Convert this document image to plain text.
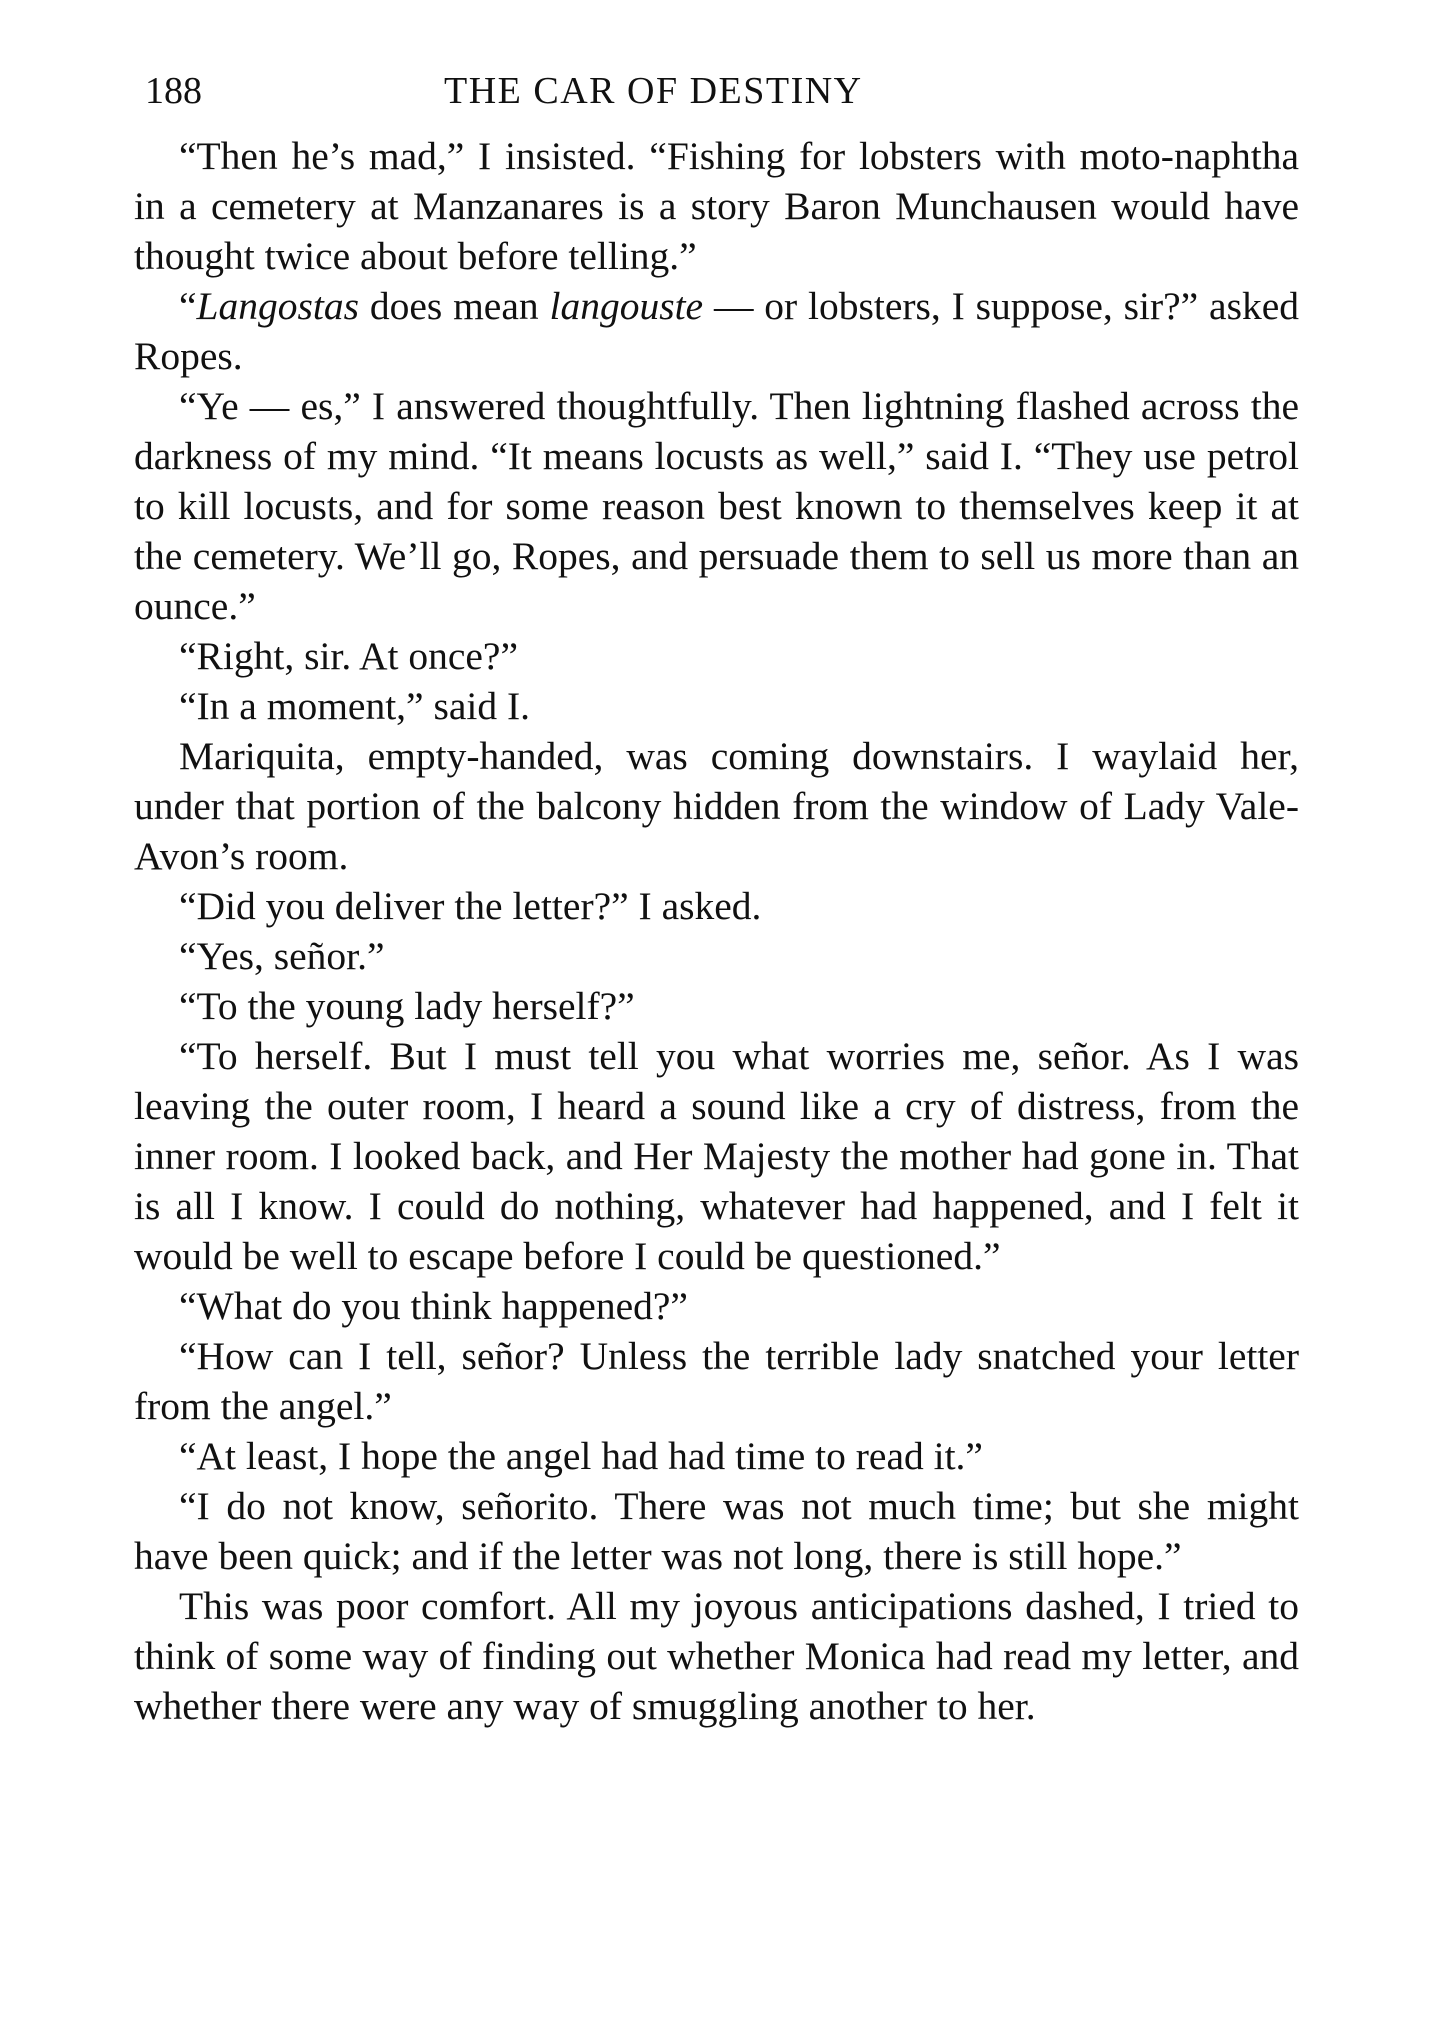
188	THE CAR OF DESTINY

“Then he’s mad,” I insisted. “Fishing for lobsters with moto-naphtha in a cemetery at Manzanares is a story Baron Munchausen would have thought twice about before telling.”

“Langostas does mean langouste — or lobsters, I suppose, sir?” asked Ropes.

“Ye — es,” I answered thoughtfully. Then lightning flashed across the darkness of my mind. “It means locusts as well,” said I. “They use petrol to kill locusts, and for some reason best known to themselves keep it at the cemetery. We’ll go, Ropes, and persuade them to sell us more than an ounce.”

“Right, sir. At once?”

“In a moment,” said I.

Mariquita, empty-handed, was coming downstairs. I waylaid her, under that portion of the balcony hidden from the window of Lady Vale-Avon’s room.

“Did you deliver the letter?” I asked.

“Yes, señor.”

“To the young lady herself?”

“To herself. But I must tell you what worries me, señor. As I was leaving the outer room, I heard a sound like a cry of distress, from the inner room. I looked back, and Her Majesty the mother had gone in. That is all I know. I could do nothing, whatever had happened, and I felt it would be well to escape before I could be questioned.”

“What do you think happened?”

“How can I tell, señor? Unless the terrible lady snatched your letter from the angel.”

“At least, I hope the angel had had time to read it.”

“I do not know, señorito. There was not much time; but she might have been quick; and if the letter was not long, there is still hope.”

This was poor comfort. All my joyous anticipations dashed, I tried to think of some way of finding out whether Monica had read my letter, and whether there were any way of smuggling another to her.
